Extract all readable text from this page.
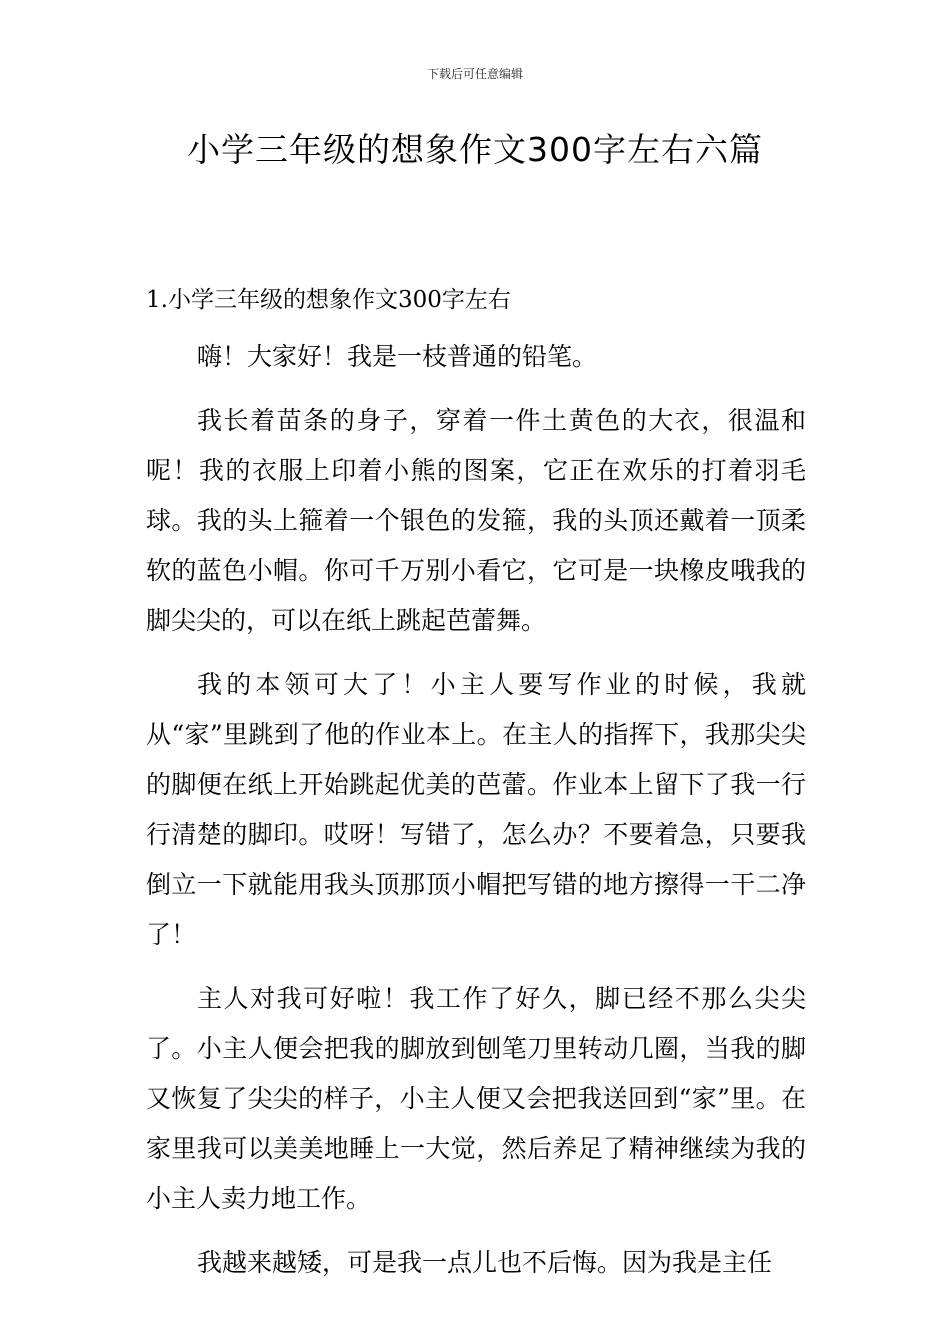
下载后可任意编辑
小学三年级的想象作文300字左右六篇
1.小学三年级的想象作文300字左右

嗨！大家好！我是一枝普通的铅笔。

我长着苗条的身子，穿着一件土黄色的大衣，很温和呢！我的衣服上印着小熊的图案，它正在欢乐的打着羽毛球。我的头上箍着一个银色的发箍，我的头顶还戴着一顶柔软的蓝色小帽。你可千万别小看它，它可是一块橡皮哦我的脚尖尖的，可以在纸上跳起芭蕾舞。

我的本领可大了！小主人要写作业的时候，我就从“家”里跳到了他的作业本上。在主人的指挥下，我那尖尖的脚便在纸上开始跳起优美的芭蕾。作业本上留下了我一行行清楚的脚印。哎呀！写错了，怎么办？不要着急，只要我倒立一下就能用我头顶那顶小帽把写错的地方擦得一干二净了！

主人对我可好啦！我工作了好久，脚已经不那么尖尖了。小主人便会把我的脚放到刨笔刀里转动几圈，当我的脚又恢复了尖尖的样子，小主人便又会把我送回到“家”里。在家里我可以美美地睡上一大觉，然后养足了精神继续为我的小主人卖力地工作。

我越来越矮，可是我一点儿也不后悔。因为我是主任
